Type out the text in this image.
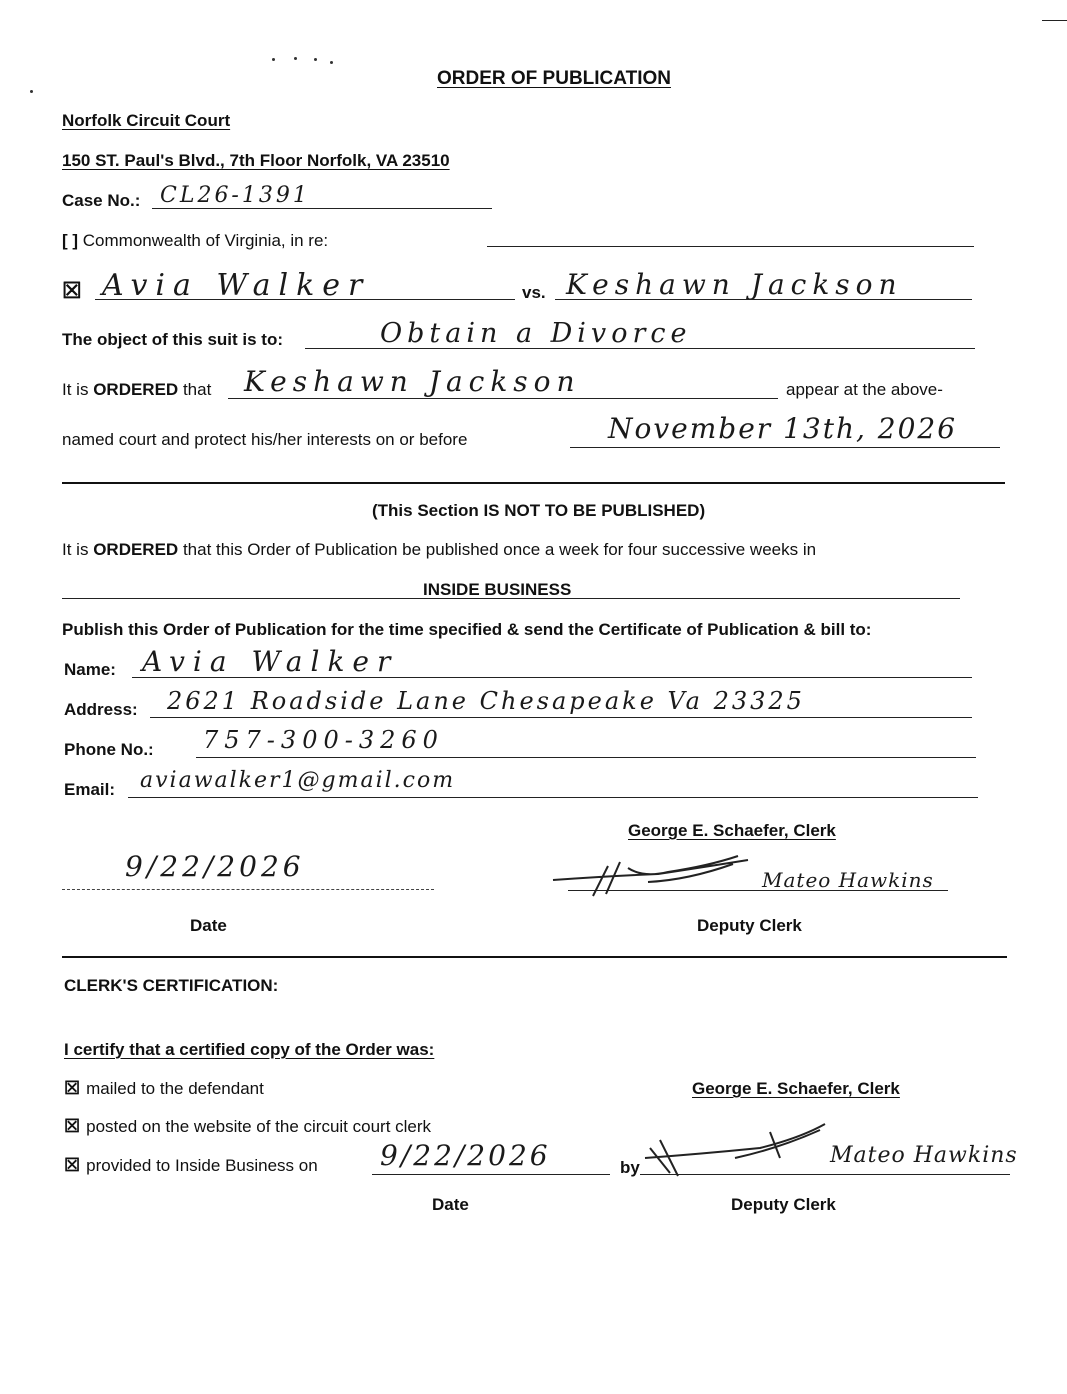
ORDER OF PUBLICATION
Norfolk Circuit Court
150 ST. Paul's Blvd., 7th Floor Norfolk, VA 23510
Case No.: CL26-1391
[ ] Commonwealth of Virginia, in re:
☒ Avia Walker	vs. Keshawn Jackson
The object of this suit is to:	Obtain a Divorce
It is ORDERED that Keshawn Jackson	appear at the above-
named court and protect his/her interests on or before	November 13th, 2026
(This Section IS NOT TO BE PUBLISHED)
It is ORDERED that this Order of Publication be published once a week for four successive weeks in
INSIDE BUSINESS
Publish this Order of Publication for the time specified & send the Certificate of Publication & bill to:
Name: Avia Walker
Address: 2621 Roadside Lane Chesapeake Va 23325
Phone No.: 757-300-3260
Email: aviawalker1@gmail.com
George E. Schaefer, Clerk
9/22/2026	Mateo Hawkins
Date	Deputy Clerk
CLERK'S CERTIFICATION:
I certify that a certified copy of the Order was:
☒ mailed to the defendant	George E. Schaefer, Clerk
☒ posted on the website of the circuit court clerk
☒ provided to Inside Business on 9/22/2026	by	Mateo Hawkins
Date	Deputy Clerk
